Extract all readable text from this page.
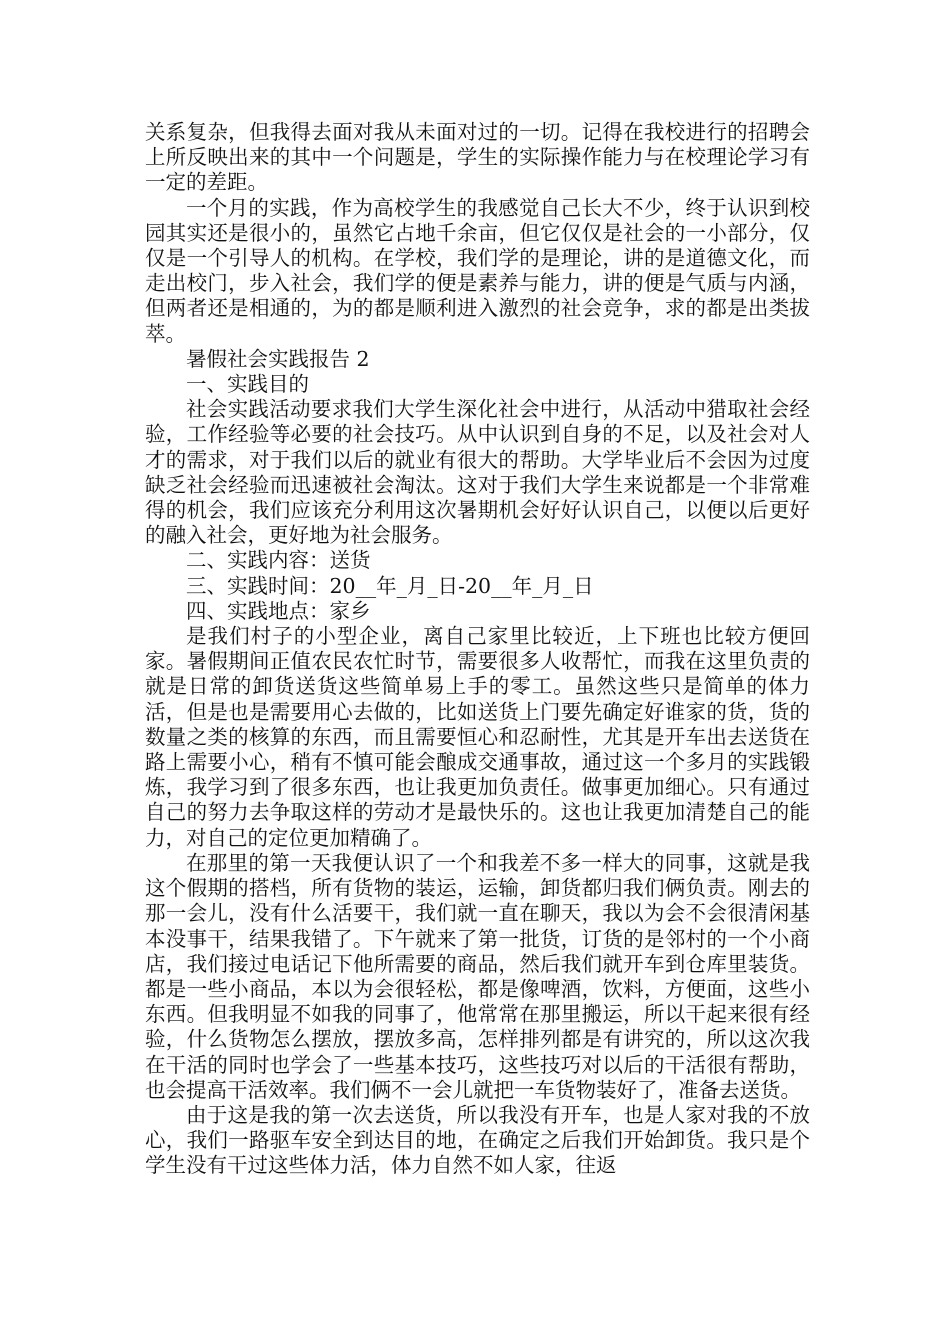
关系复杂，但我得去面对我从未面对过的一切。记得在我校进行的招聘会上所反映出来的其中一个问题是，学生的实际操作能力与在校理论学习有一定的差距。

一个月的实践，作为高校学生的我感觉自己长大不少，终于认识到校园其实还是很小的，虽然它占地千余亩，但它仅仅是社会的一小部分，仅仅是一个引导人的机构。在学校，我们学的是理论，讲的是道德文化，而走出校门，步入社会，我们学的便是素养与能力，讲的便是气质与内涵，但两者还是相通的，为的都是顺利进入激烈的社会竞争，求的都是出类拔萃。

暑假社会实践报告 2

一、实践目的

社会实践活动要求我们大学生深化社会中进行，从活动中猎取社会经验，工作经验等必要的社会技巧。从中认识到自身的不足，以及社会对人才的需求，对于我们以后的就业有很大的帮助。大学毕业后不会因为过度缺乏社会经验而迅速被社会淘汰。这对于我们大学生来说都是一个非常难得的机会，我们应该充分利用这次暑期机会好好认识自己，以便以后更好的融入社会，更好地为社会服务。

二、实践内容：送货

三、实践时间：20__年_月_日-20__年_月_日

四、实践地点：家乡

是我们村子的小型企业，离自己家里比较近，上下班也比较方便回家。暑假期间正值农民农忙时节，需要很多人收帮忙，而我在这里负责的就是日常的卸货送货这些简单易上手的零工。虽然这些只是简单的体力活，但是也是需要用心去做的，比如送货上门要先确定好谁家的货，货的数量之类的核算的东西，而且需要恒心和忍耐性，尤其是开车出去送货在路上需要小心，稍有不慎可能会酿成交通事故，通过这一个多月的实践锻炼，我学习到了很多东西，也让我更加负责任。做事更加细心。只有通过自己的努力去争取这样的劳动才是最快乐的。这也让我更加清楚自己的能力，对自己的定位更加精确了。

在那里的第一天我便认识了一个和我差不多一样大的同事，这就是我这个假期的搭档，所有货物的装运，运输，卸货都归我们俩负责。刚去的那一会儿，没有什么活要干，我们就一直在聊天，我以为会不会很清闲基本没事干，结果我错了。下午就来了第一批货，订货的是邻村的一个小商店，我们接过电话记下他所需要的商品，然后我们就开车到仓库里装货。都是一些小商品，本以为会很轻松，都是像啤酒，饮料，方便面，这些小东西。但我明显不如我的同事了，他常常在那里搬运，所以干起来很有经验，什么货物怎么摆放，摆放多高，怎样排列都是有讲究的，所以这次我在干活的同时也学会了一些基本技巧，这些技巧对以后的干活很有帮助，也会提高干活效率。我们俩不一会儿就把一车货物装好了，准备去送货。

由于这是我的第一次去送货，所以我没有开车，也是人家对我的不放心，我们一路驱车安全到达目的地，在确定之后我们开始卸货。我只是个学生没有干过这些体力活，体力自然不如人家，往返
